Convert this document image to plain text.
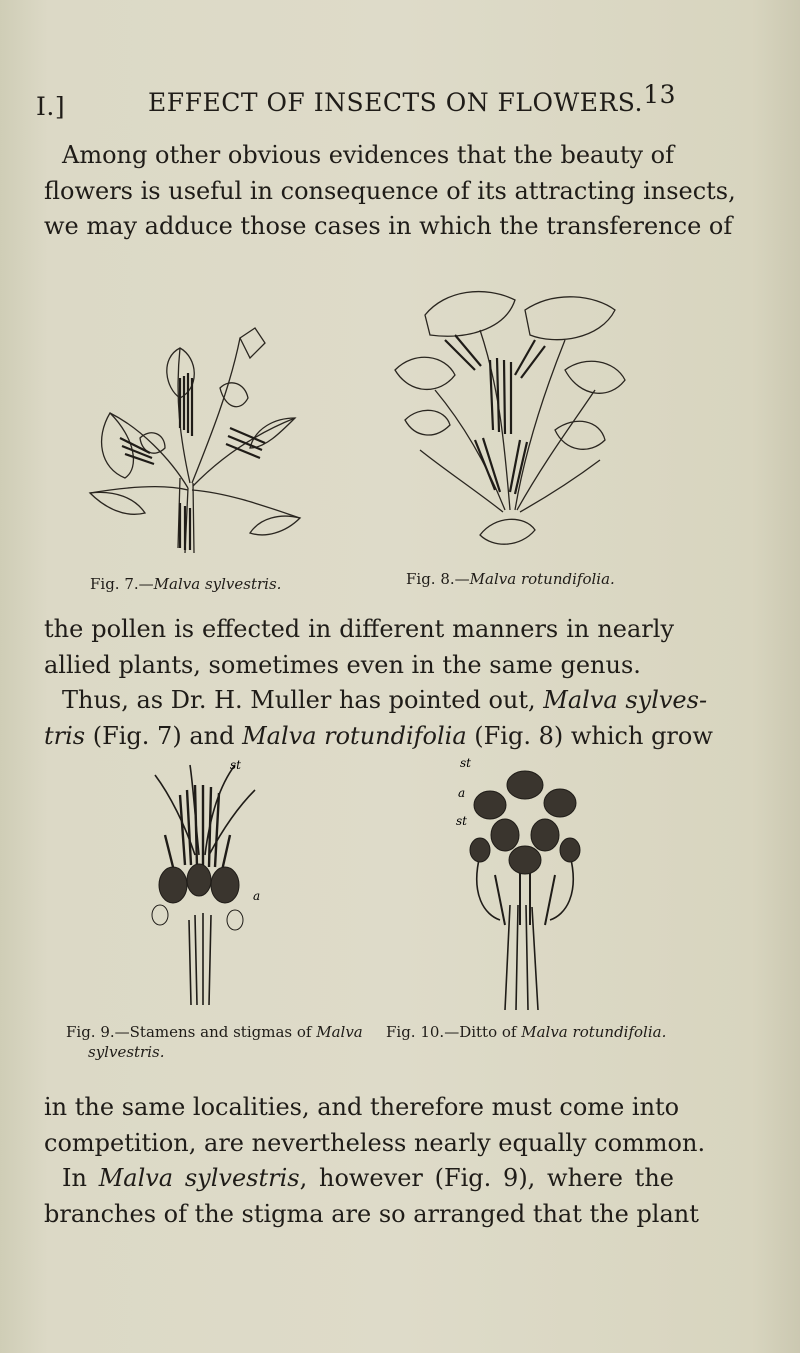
I.]	EFFECT OF INSECTS ON FLOWERS. 13
Among other obvious evidences that the beauty of
flowers is useful in consequence of its attracting insects,
we may adduce those cases in which the transference of
Fig. 7.—Malva sylvestris.	Fig. 8.—Malva rotundifolia.
the pollen is effected in different manners in nearly
allied plants, sometimes even in the same genus.
Thus, as Dr. H. Muller has pointed out, Malva sylves-
tris (Fig. 7) and Malva rotundifolia (Fig. 8) which grow
st
a
st
a
st
Fig. 9.—Stamens and stigmas of Malva
sylvestris.
Fig. 10.—Ditto of Malva rotundifolia.
in the same localities, and therefore must come into
competition, are nevertheless nearly equally common.
In Malva sylvestris, however (Fig. 9), where the
branches of the stigma are so arranged that the plant
